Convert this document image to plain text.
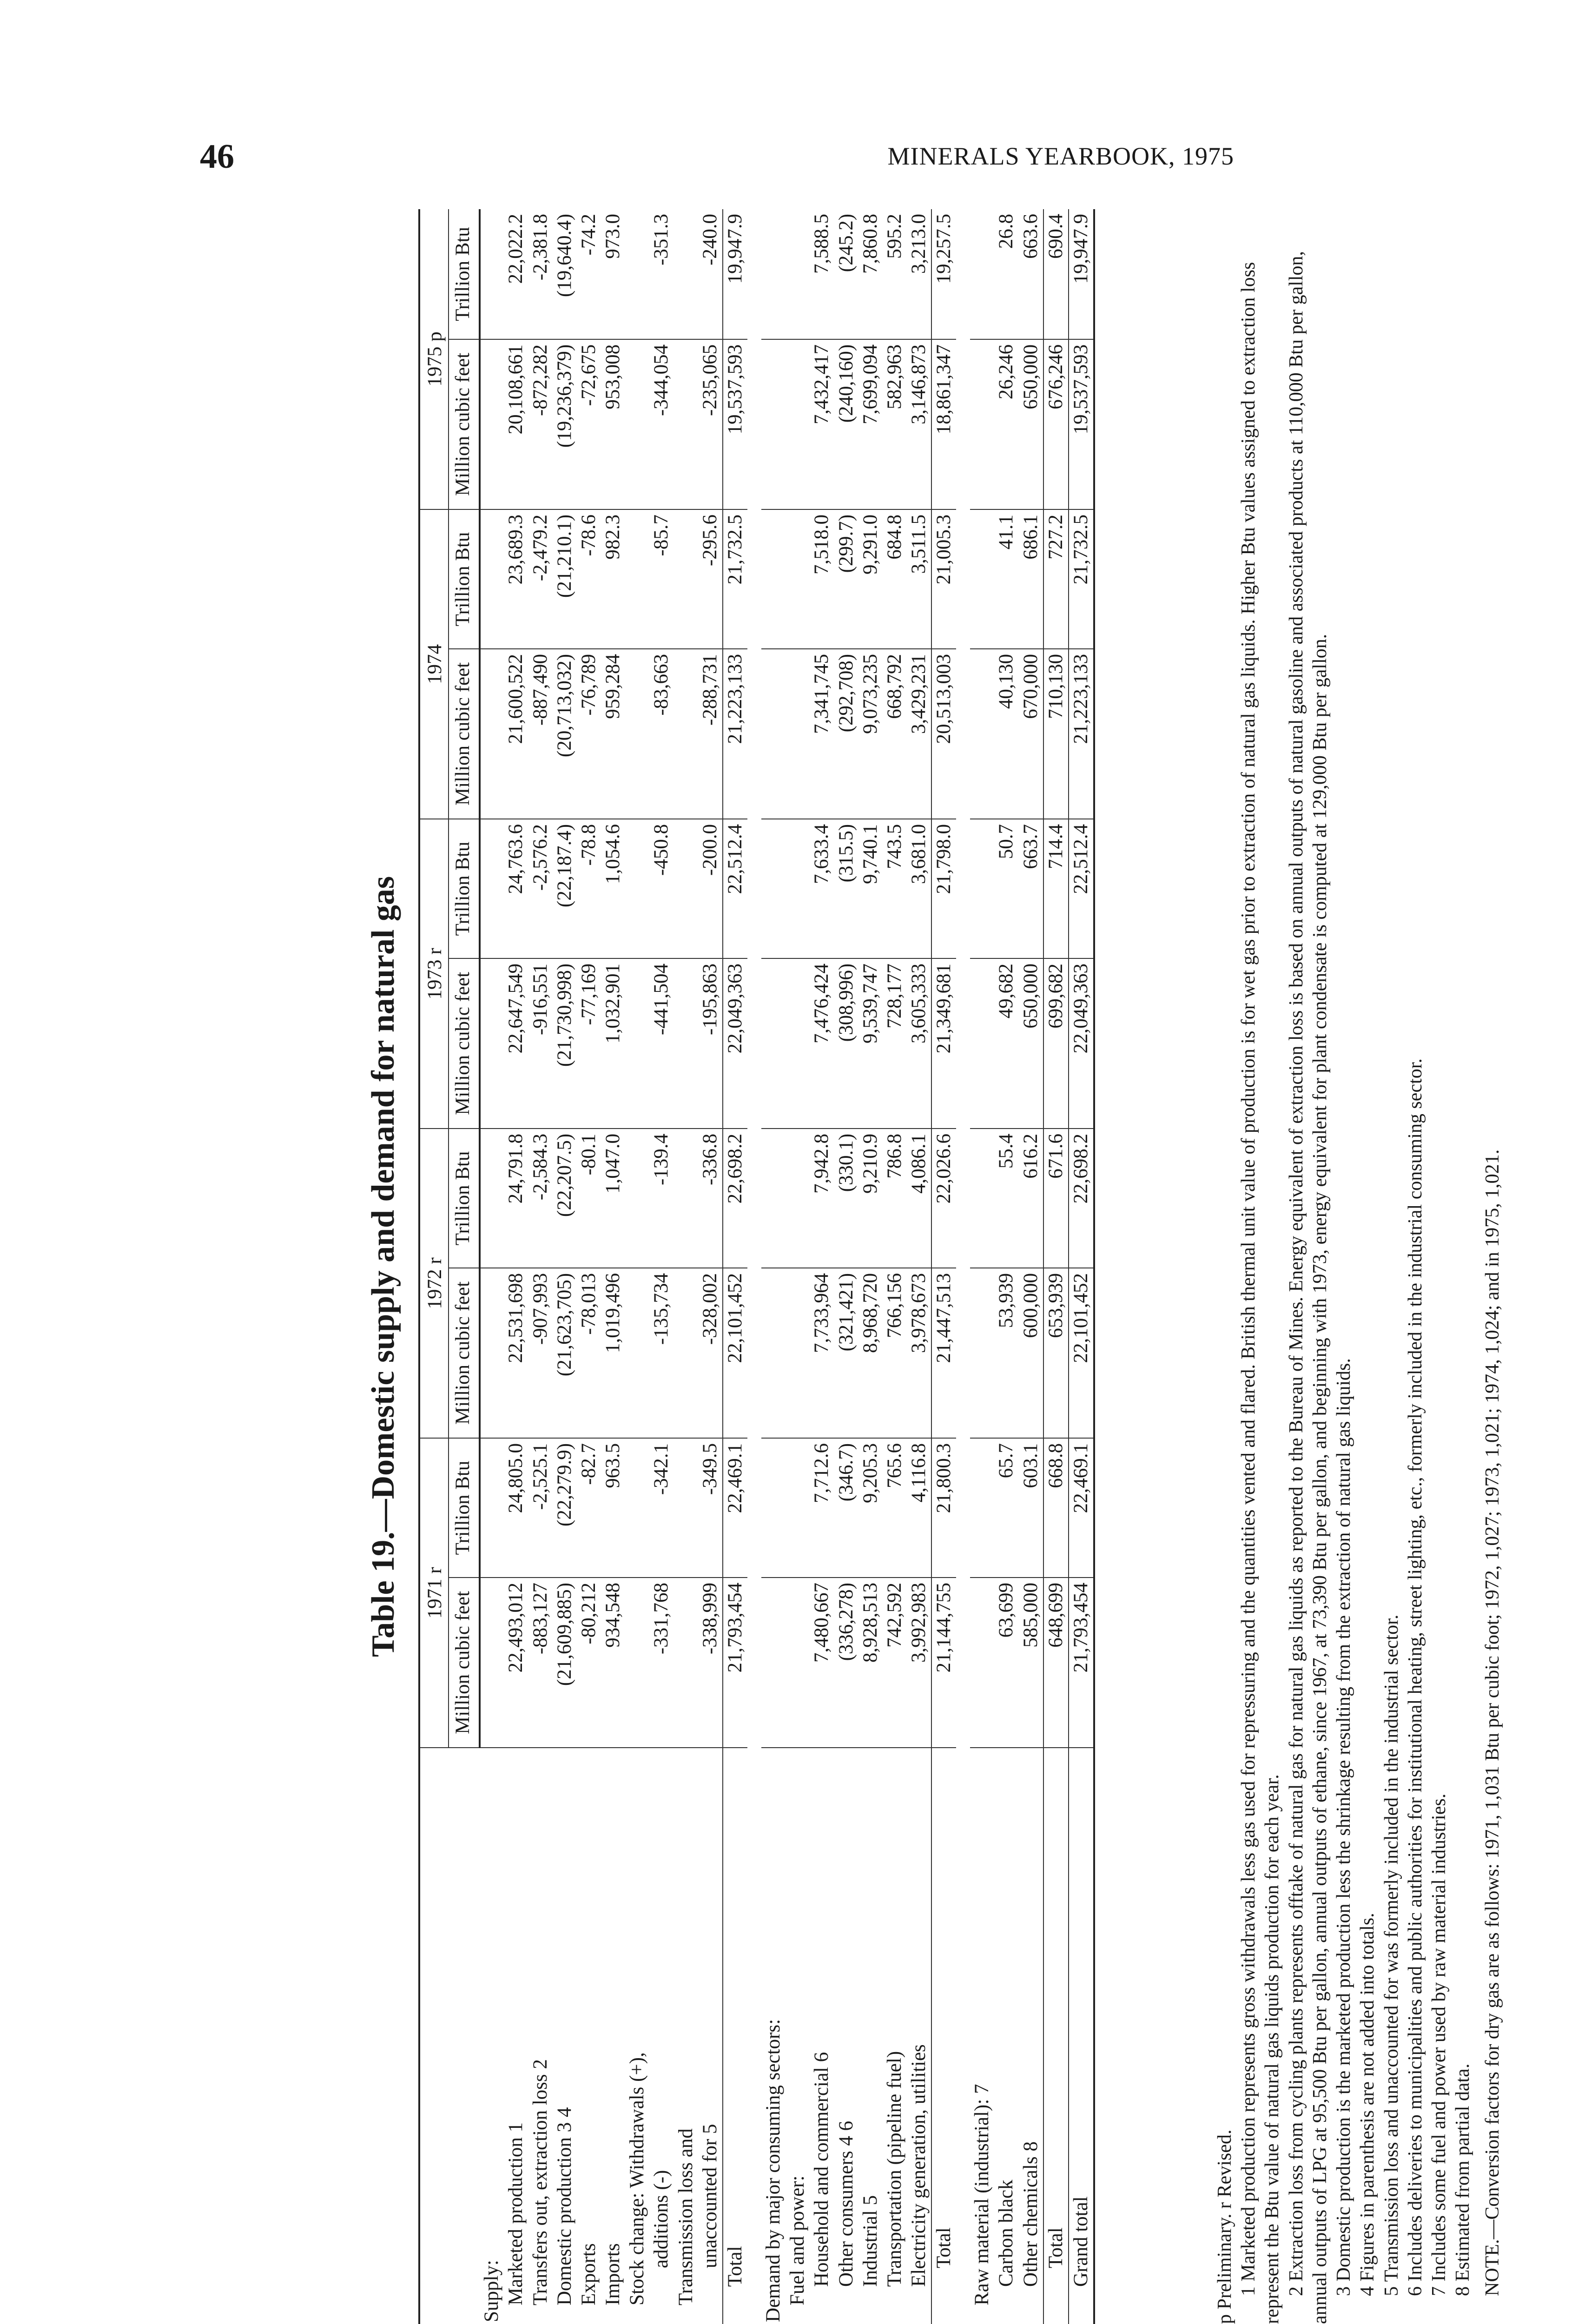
46	MINERALS YEARBOOK, 1975
Table 19.—Domestic supply and demand for natural gas
	1971 r		1972 r		1973 r		1974		1975 p	
	Million cubic feet	Trillion Btu	Million cubic feet	Trillion Btu	Million cubic feet	Trillion Btu	Million cubic feet	Trillion Btu	Million cubic feet	Trillion Btu
Supply:										
Marketed production 1	22,493,012	24,805.0	22,531,698	24,791.8	22,647,549	24,763.6	21,600,522	23,689.3	20,108,661	22,022.2
Transfers out, extraction loss 2	-883,127	-2,525.1	-907,993	-2,584.3	-916,551	-2,576.2	-887,490	-2,479.2	-872,282	-2,381.8
Domestic production 3 4	(21,609,885)	(22,279.9)	(21,623,705)	(22,207.5)	(21,730,998)	(22,187.4)	(20,713,032)	(21,210.1)	(19,236,379)	(19,640.4)
Exports	-80,212	-82.7	-78,013	-80.1	-77,169	-78.8	-76,789	-78.6	-72,675	-74.2
Imports	934,548	963.5	1,019,496	1,047.0	1,032,901	1,054.6	959,284	982.3	953,008	973.0
Stock change: Withdrawals (+),										
additions (-)	-331,768	-342.1	-135,734	-139.4	-441,504	-450.8	-83,663	-85.7	-344,054	-351.3
Transmission loss and										
unaccounted for 5	-338,999	-349.5	-328,002	-336.8	-195,863	-200.0	-288,731	-295.6	-235,065	-240.0
Total	21,793,454	22,469.1	22,101,452	22,698.2	22,049,363	22,512.4	21,223,133	21,732.5	19,537,593	19,947.9

Demand by major consuming sectors:										
Fuel and power:										
Household and commercial 6	7,480,667	7,712.6	7,733,964	7,942.8	7,476,424	7,633.4	7,341,745	7,518.0	7,432,417	7,588.5
Other consumers 4 6	(336,278)	(346.7)	(321,421)	(330.1)	(308,996)	(315.5)	(292,708)	(299.7)	(240,160)	(245.2)
Industrial 5	8,928,513	9,205.3	8,968,720	9,210.9	9,539,747	9,740.1	9,073,235	9,291.0	7,699,094	7,860.8
Transportation (pipeline fuel)	742,592	765.6	766,156	786.8	728,177	743.5	668,792	684.8	582,963	595.2
Electricity generation, utilities	3,992,983	4,116.8	3,978,673	4,086.1	3,605,333	3,681.0	3,429,231	3,511.5	3,146,873	3,213.0
Total	21,144,755	21,800.3	21,447,513	22,026.6	21,349,681	21,798.0	20,513,003	21,005.3	18,861,347	19,257.5

Raw material (industrial): 7										
Carbon black	63,699	65.7	53,939	55.4	49,682	50.7	40,130	41.1	26,246	26.8
Other chemicals 8	585,000	603.1	600,000	616.2	650,000	663.7	670,000	686.1	650,000	663.6
Total	648,699	668.8	653,939	671.6	699,682	714.4	710,130	727.2	676,246	690.4
Grand total	21,793,454	22,469.1	22,101,452	22,698.2	22,049,363	22,512.4	21,223,133	21,732.5	19,537,593	19,947.9

p Preliminary. r Revised. 1 Marketed production represents gross withdrawals less gas used for repressuring and the quantities vented and flared. British thermal unit value of production is for wet gas prior to extraction of natural gas liquids. Higher Btu values assigned to extraction loss represent the Btu value of natural gas liquids production for each year. 2 Extraction loss from cycling plants represents offtake of natural gas for natural gas liquids as reported to the Bureau of Mines. Energy equivalent of extraction loss is based on annual outputs of natural gasoline and associated products at 110,000 Btu per gallon, annual outputs of LPG at 95,500 Btu per gallon, annual outputs of ethane, since 1967, at 73,390 Btu per gallon, and beginning with 1973, energy equivalent for plant condensate is computed at 129,000 Btu per gallon. 3 Domestic production is the marketed production less the shrinkage resulting from the extraction of natural gas liquids. 4 Figures in parenthesis are not added into totals. 5 Transmission loss and unaccounted for was formerly included in the industrial sector. 6 Includes deliveries to municipalities and public authorities for institutional heating, street lighting, etc., formerly included in the industrial consuming sector. 7 Includes some fuel and power used by raw material industries. 8 Estimated from partial data. NOTE.—Conversion factors for dry gas are as follows: 1971, 1,031 Btu per cubic foot; 1972, 1,027; 1973, 1,021; 1974, 1,024; and in 1975, 1,021.
